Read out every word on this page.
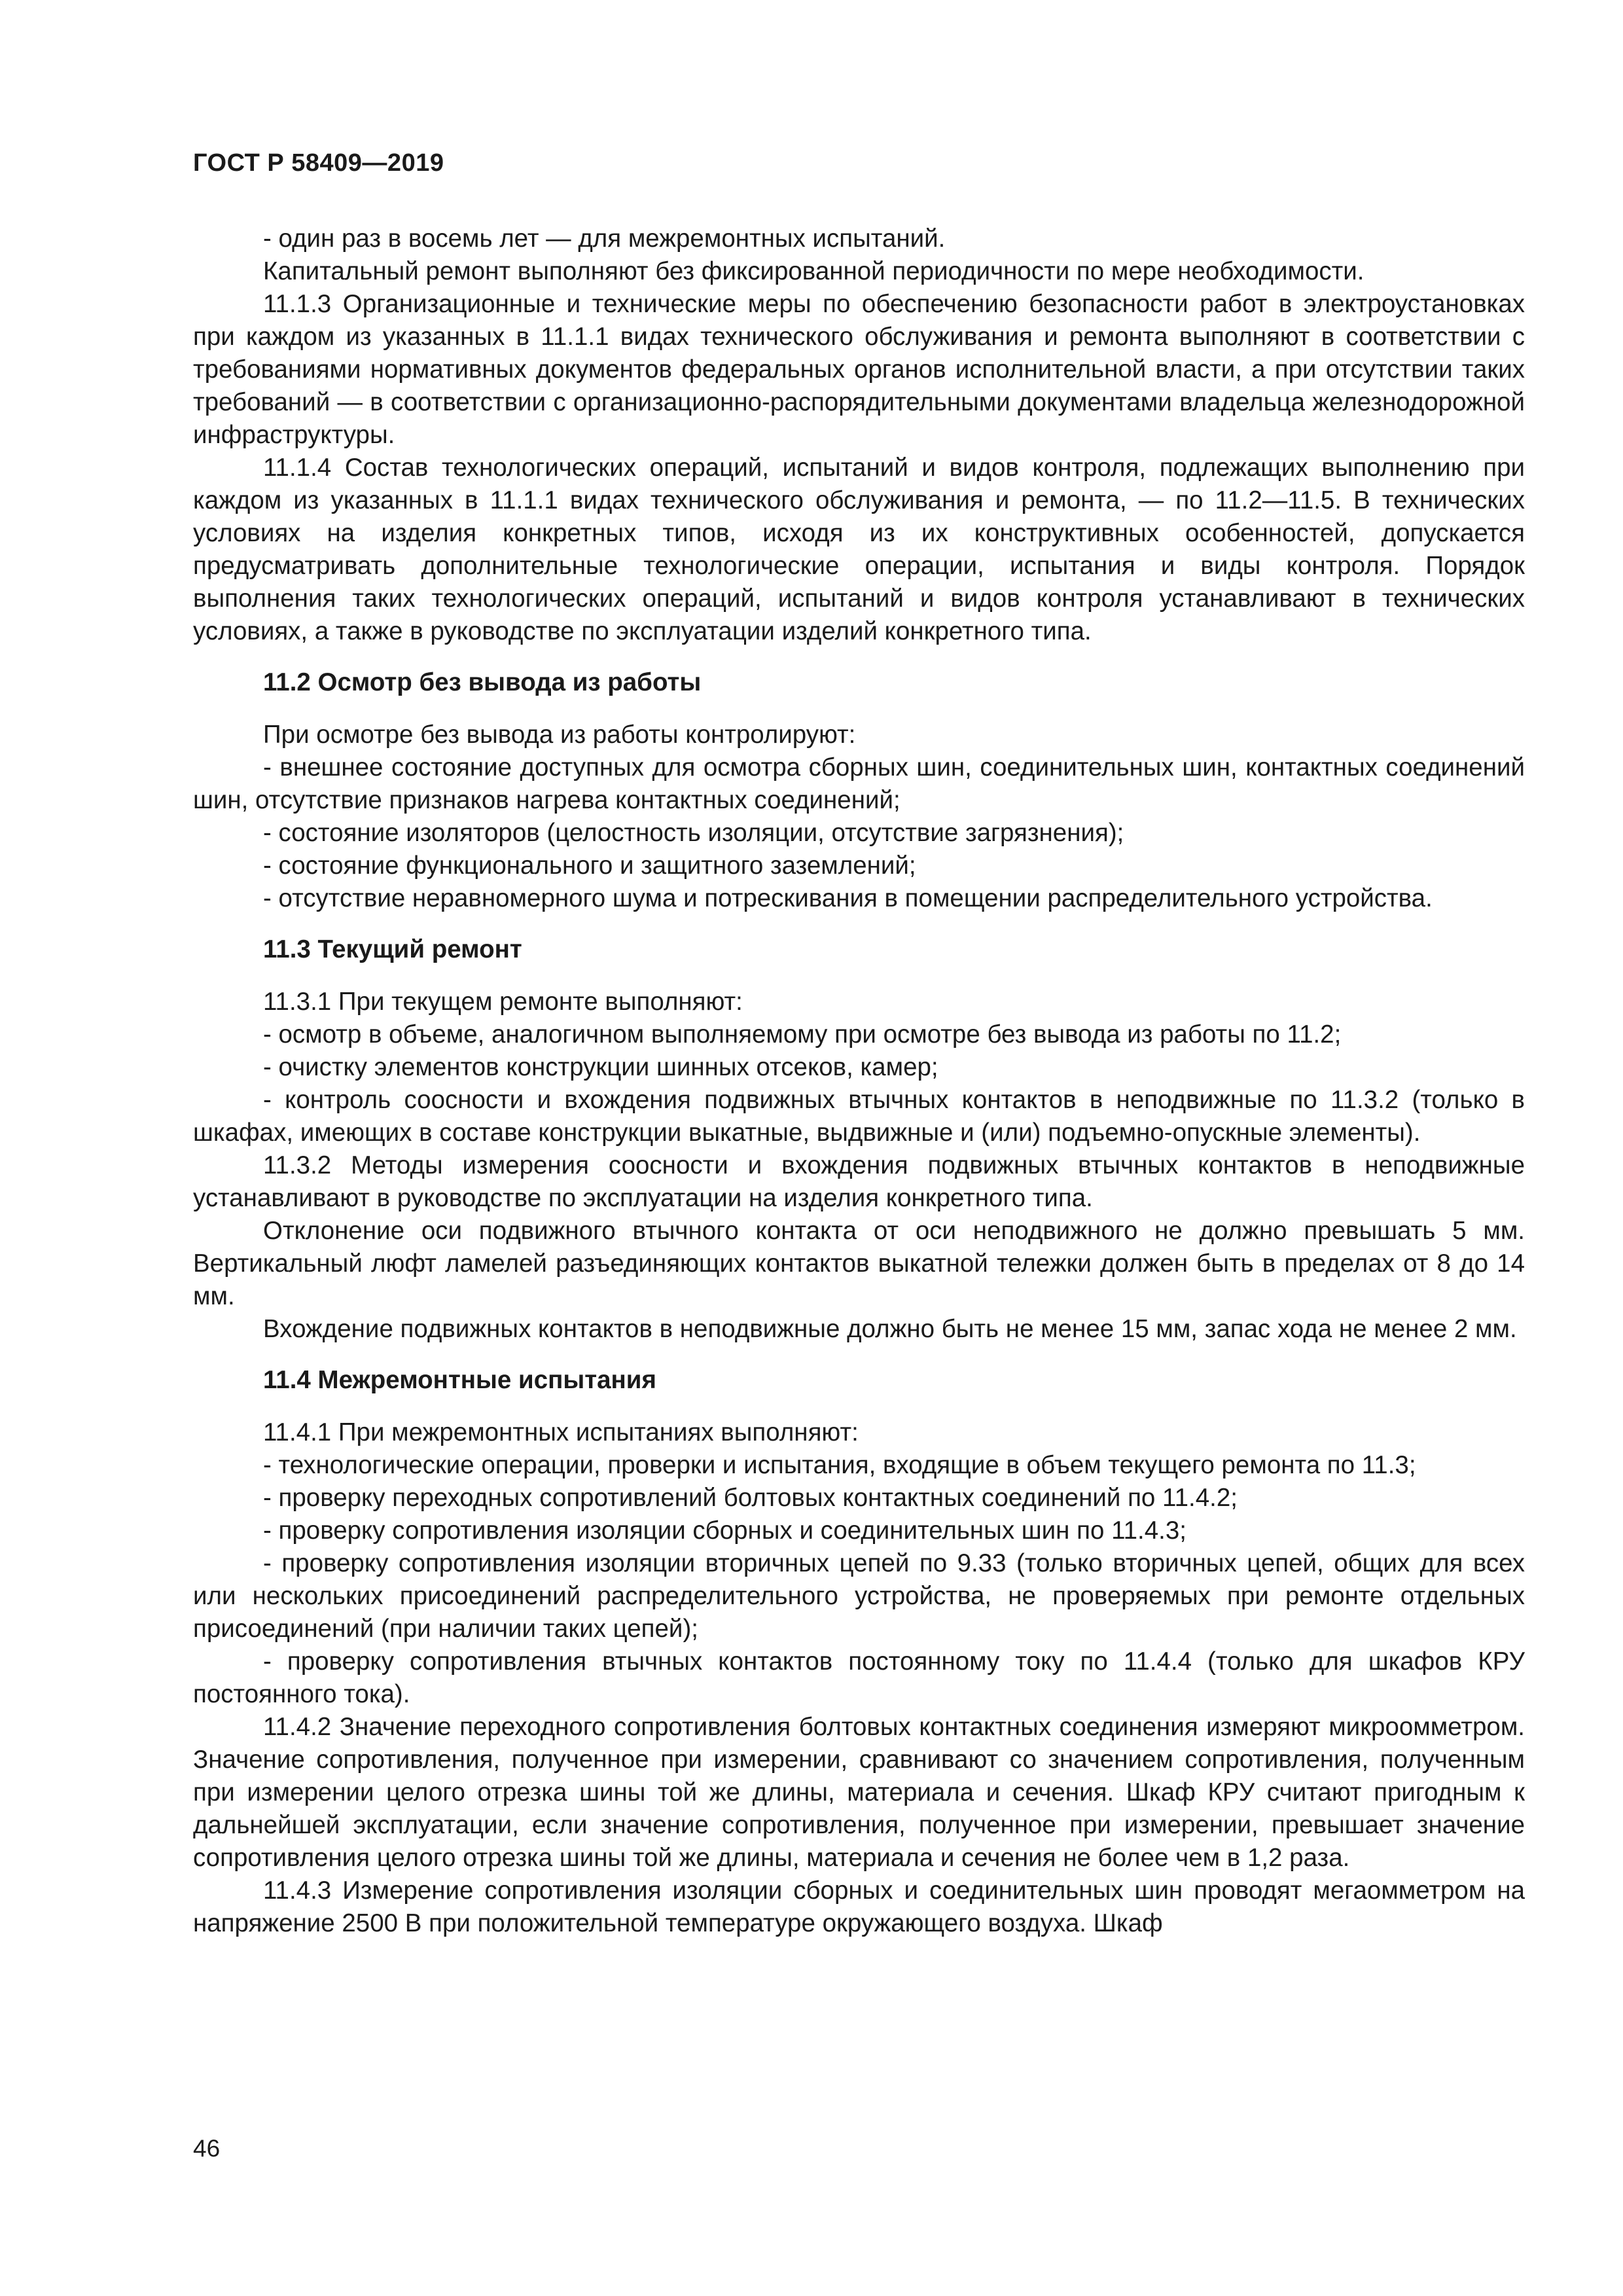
ГОСТ Р 58409—2019

- один раз в восемь лет — для межремонтных испытаний.

Капитальный ремонт выполняют без фиксированной периодичности по мере необходимости.

11.1.3 Организационные и технические меры по обеспечению безопасности работ в электроустановках при каждом из указанных в 11.1.1 видах технического обслуживания и ремонта выполняют в соответствии с требованиями нормативных документов федеральных органов исполнительной власти, а при отсутствии таких требований — в соответствии с организационно-распорядительными документами владельца железнодорожной инфраструктуры.

11.1.4 Состав технологических операций, испытаний и видов контроля, подлежащих выполнению при каждом из указанных в 11.1.1 видах технического обслуживания и ремонта, — по 11.2—11.5. В технических условиях на изделия конкретных типов, исходя из их конструктивных особенностей, допускается предусматривать дополнительные технологические операции, испытания и виды контроля. Порядок выполнения таких технологических операций, испытаний и видов контроля устанавливают в технических условиях, а также в руководстве по эксплуатации изделий конкретного типа.

11.2 Осмотр без вывода из работы

При осмотре без вывода из работы контролируют:

- внешнее состояние доступных для осмотра сборных шин, соединительных шин, контактных соединений шин, отсутствие признаков нагрева контактных соединений;

- состояние изоляторов (целостность изоляции, отсутствие загрязнения);

- состояние функционального и защитного заземлений;

- отсутствие неравномерного шума и потрескивания в помещении распределительного устройства.

11.3 Текущий ремонт

11.3.1 При текущем ремонте выполняют:

- осмотр в объеме, аналогичном выполняемому при осмотре без вывода из работы по 11.2;

- очистку элементов конструкции шинных отсеков, камер;

- контроль соосности и вхождения подвижных втычных контактов в неподвижные по 11.3.2 (только в шкафах, имеющих в составе конструкции выкатные, выдвижные и (или) подъемно-опускные элементы).

11.3.2 Методы измерения соосности и вхождения подвижных втычных контактов в неподвижные устанавливают в руководстве по эксплуатации на изделия конкретного типа.

Отклонение оси подвижного втычного контакта от оси неподвижного не должно превышать 5 мм. Вертикальный люфт ламелей разъединяющих контактов выкатной тележки должен быть в пределах от 8 до 14 мм.

Вхождение подвижных контактов в неподвижные должно быть не менее 15 мм, запас хода не менее 2 мм.

11.4 Межремонтные испытания

11.4.1 При межремонтных испытаниях выполняют:

- технологические операции, проверки и испытания, входящие в объем текущего ремонта по 11.3;

- проверку переходных сопротивлений болтовых контактных соединений по 11.4.2;

- проверку сопротивления изоляции сборных и соединительных шин по 11.4.3;

- проверку сопротивления изоляции вторичных цепей по 9.33 (только вторичных цепей, общих для всех или нескольких присоединений распределительного устройства, не проверяемых при ремонте отдельных присоединений (при наличии таких цепей);

- проверку сопротивления втычных контактов постоянному току по 11.4.4 (только для шкафов КРУ постоянного тока).

11.4.2 Значение переходного сопротивления болтовых контактных соединения измеряют микроомметром. Значение сопротивления, полученное при измерении, сравнивают со значением сопротивления, полученным при измерении целого отрезка шины той же длины, материала и сечения. Шкаф КРУ считают пригодным к дальнейшей эксплуатации, если значение сопротивления, полученное при измерении, превышает значение сопротивления целого отрезка шины той же длины, материала и сечения не более чем в 1,2 раза.

11.4.3 Измерение сопротивления изоляции сборных и соединительных шин проводят мегаомметром на напряжение 2500 В при положительной температуре окружающего воздуха. Шкаф

46
